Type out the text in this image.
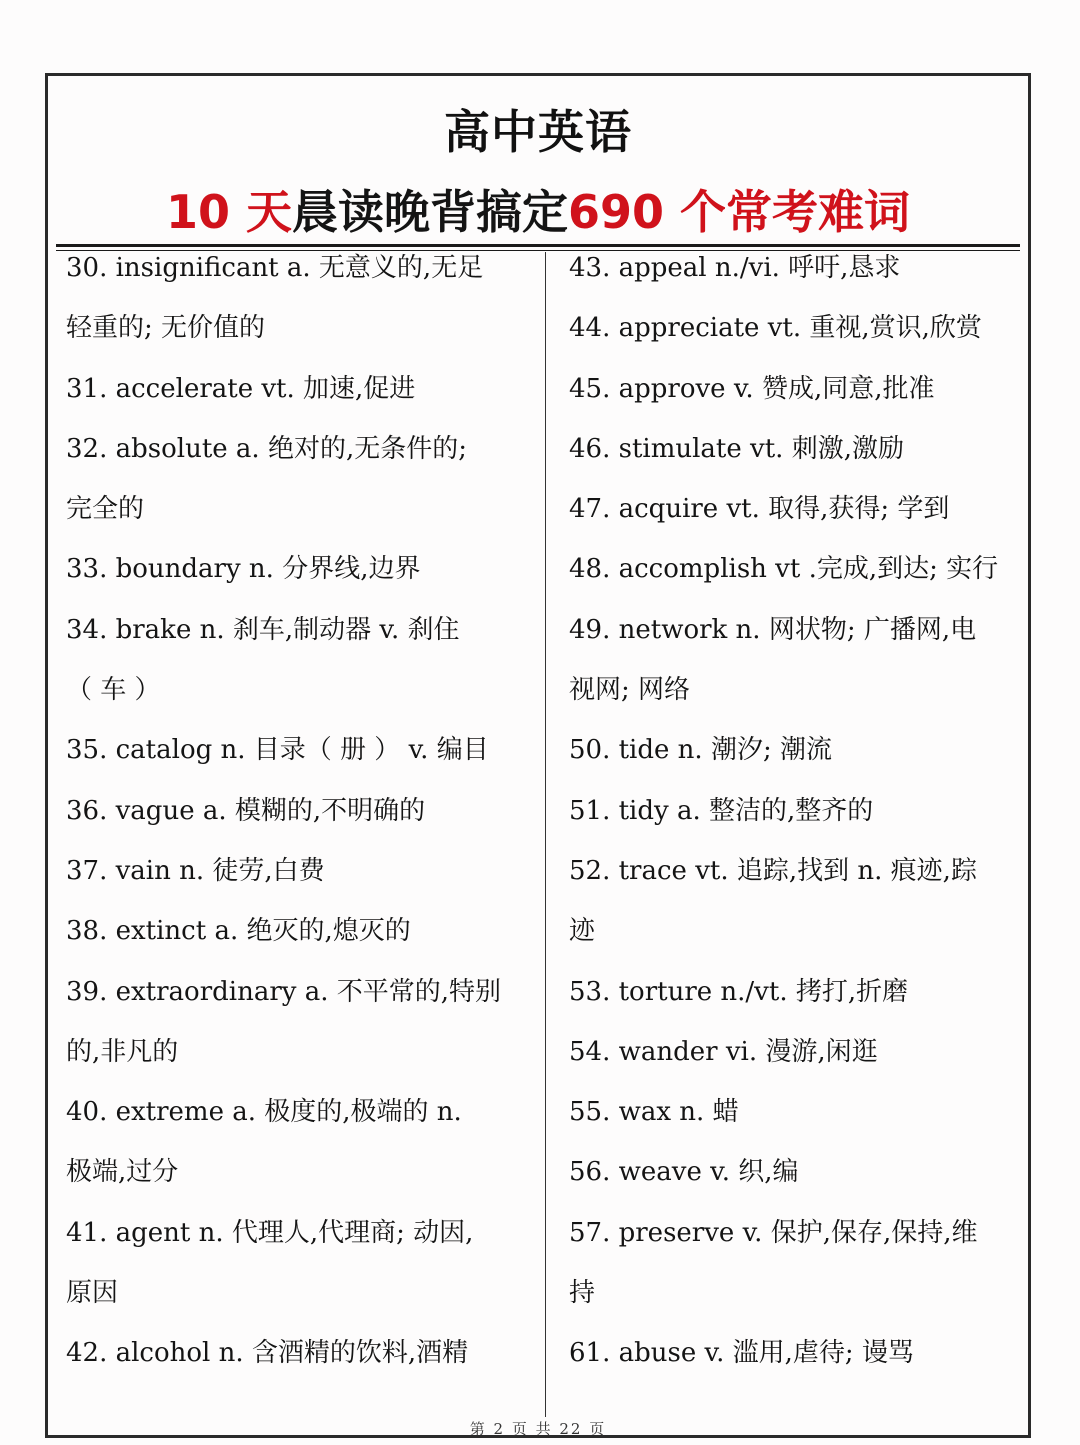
高中英语
10 天晨读晚背搞定690 个常考难词
30. insignificant a. 无意义的,无足
轻重的; 无价值的
31. accelerate vt. 加速,促进
32. absolute a. 绝对的,无条件的;
完全的
33. boundary n. 分界线,边界
34. brake n. 刹车,制动器 v. 刹住
（ 车 ）
35. catalog n. 目录（ 册 ） v. 编目
36. vague a. 模糊的,不明确的
37. vain n. 徒劳,白费
38. extinct a. 绝灭的,熄灭的
39. extraordinary a. 不平常的,特别
的,非凡的
40. extreme a. 极度的,极端的 n.
极端,过分
41. agent n. 代理人,代理商; 动因,
原因
42. alcohol n. 含酒精的饮料,酒精
43. appeal n./vi. 呼吁,恳求
44. appreciate vt. 重视,赏识,欣赏
45. approve v. 赞成,同意,批准
46. stimulate vt. 刺激,激励
47. acquire vt. 取得,获得; 学到
48. accomplish vt .完成,到达; 实行
49. network n. 网状物; 广播网,电
视网; 网络
50. tide n. 潮汐; 潮流
51. tidy a. 整洁的,整齐的
52. trace vt. 追踪,找到 n. 痕迹,踪
迹
53. torture n./vt. 拷打,折磨
54. wander vi. 漫游,闲逛
55. wax n. 蜡
56. weave v. 织,编
57. preserve v. 保护,保存,保持,维
持
61. abuse v. 滥用,虐待; 谩骂
第 2 页 共 22 页
